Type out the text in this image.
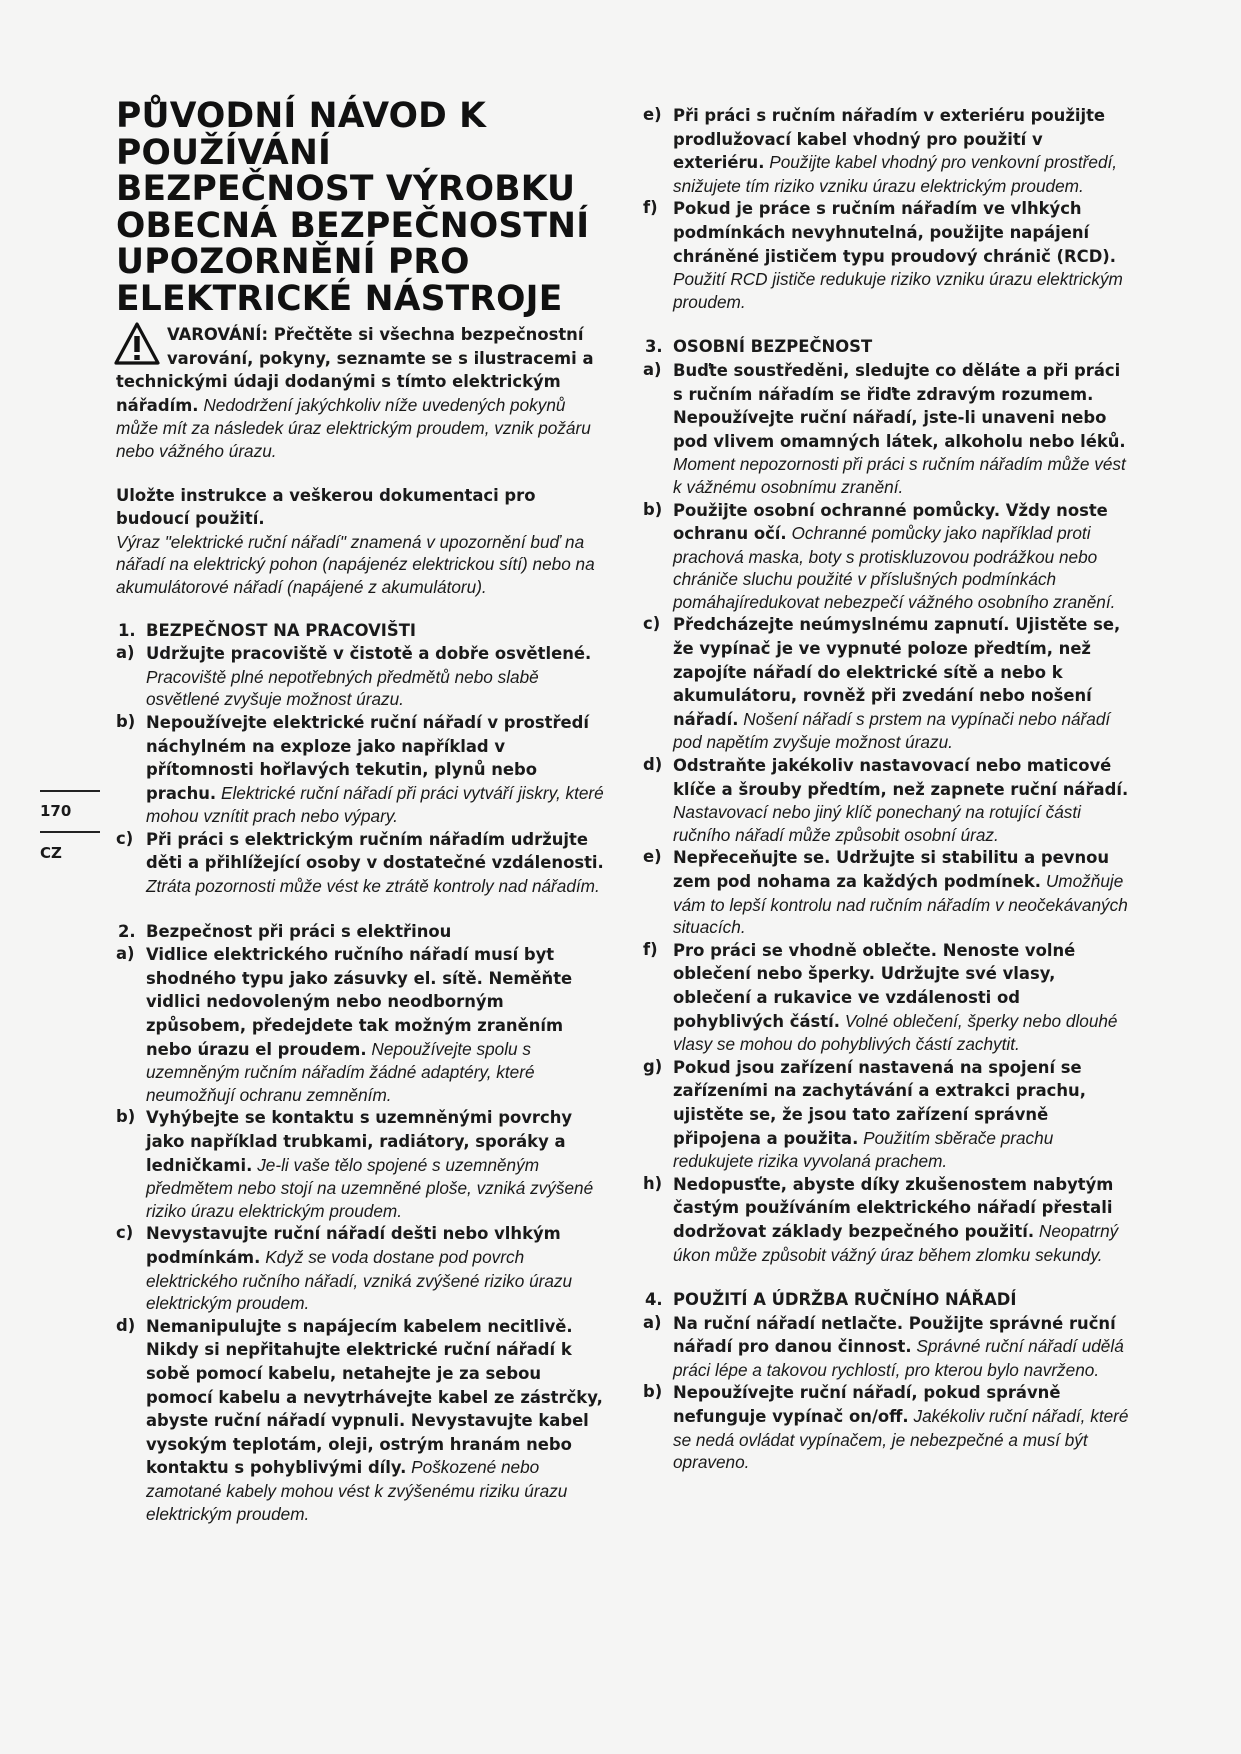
170
CZ
PŮVODNÍ NÁVOD K
POUŽÍVÁNÍ
BEZPEČNOST VÝROBKU
OBECNÁ BEZPEČNOSTNÍ
UPOZORNĚNÍ PRO
ELEKTRICKÉ NÁSTROJE

VAROVÁNÍ: Přečtěte si všechna bezpečnostní varování, pokyny, seznamte se s ilustracemi a technickými údaji dodanými s tímto elektrickým nářadím. Nedodržení jakýchkoliv níže uvedených pokynů může mít za následek úraz elektrickým proudem, vznik požáru nebo vážného úrazu.

Uložte instrukce a veškerou dokumentaci pro budoucí použití.
Výraz "elektrické ruční nářadí" znamená v upozornění buď na nářadí na elektrický pohon (napájenéz elektrickou sítí) nebo na akumulátorové nářadí (napájené z akumulátoru).

1. BEZPEČNOST NA PRACOVIŠTI

a) Udržujte pracoviště v čistotě a dobře osvětlené. Pracoviště plné nepotřebných předmětů nebo slabě osvětlené zvyšuje možnost úrazu.
b) Nepoužívejte elektrické ruční nářadí v prostředí náchylném na exploze jako například v přítomnosti hořlavých tekutin, plynů nebo prachu. Elektrické ruční nářadí při práci vytváří jiskry, které mohou vznítit prach nebo výpary.
c) Při práci s elektrickým ručním nářadím udržujte děti a přihlížející osoby v dostatečné vzdálenosti. Ztráta pozornosti může vést ke ztrátě kontroly nad nářadím.

2. Bezpečnost při práci s elektřinou

a) Vidlice elektrického ručního nářadí musí byt shodného typu jako zásuvky el. sítě. Neměňte vidlici nedovoleným nebo neodborným způsobem, předejdete tak možným zraněním nebo úrazu el proudem. Nepoužívejte spolu s uzemněným ručním nářadím žádné adaptéry, které neumožňují ochranu zemněním.
b) Vyhýbejte se kontaktu s uzemněnými povrchy jako například trubkami, radiátory, sporáky a ledničkami. Je-li vaše tělo spojené s uzemněným předmětem nebo stojí na uzemněné ploše, vzniká zvýšené riziko úrazu elektrickým proudem.
c) Nevystavujte ruční nářadí dešti nebo vlhkým podmínkám. Když se voda dostane pod povrch elektrického ručního nářadí, vzniká zvýšené riziko úrazu elektrickým proudem.
d) Nemanipulujte s napájecím kabelem necitlivě. Nikdy si nepřitahujte elektrické ruční nářadí k sobě pomocí kabelu, netahejte je za sebou pomocí kabelu a nevytrhávejte kabel ze zástrčky, abyste ruční nářadí vypnuli. Nevystavujte kabel vysokým teplotám, oleji, ostrým hranám nebo kontaktu s pohyblivými díly. Poškozené nebo zamotané kabely mohou vést k zvýšenému riziku úrazu elektrickým proudem.
e) Při práci s ručním nářadím v exteriéru použijte prodlužovací kabel vhodný pro použití v exteriéru. Použijte kabel vhodný pro venkovní prostředí, snižujete tím riziko vzniku úrazu elektrickým proudem.
f) Pokud je práce s ručním nářadím ve vlhkých podmínkách nevyhnutelná, použijte napájení chráněné jističem typu proudový chránič (RCD). Použití RCD jističe redukuje riziko vzniku úrazu elektrickým proudem.

3. OSOBNÍ BEZPEČNOST

a) Buďte soustředěni, sledujte co děláte a při práci s ručním nářadím se řiďte zdravým rozumem. Nepoužívejte ruční nářadí, jste-li unaveni nebo pod vlivem omamných látek, alkoholu nebo léků. Moment nepozornosti při práci s ručním nářadím může vést k vážnému osobnímu zranění.
b) Použijte osobní ochranné pomůcky. Vždy noste ochranu očí. Ochranné pomůcky jako například proti prachová maska, boty s protiskluzovou podrážkou nebo chrániče sluchu použité v příslušných podmínkách pomáhajíredukovat nebezpečí vážného osobního zranění.
c) Předcházejte neúmyslnému zapnutí. Ujistěte se, že vypínač je ve vypnuté poloze předtím, než zapojíte nářadí do elektrické sítě a nebo k akumulátoru, rovněž při zvedání nebo nošení nářadí. Nošení nářadí s prstem na vypínači nebo nářadí pod napětím zvyšuje možnost úrazu.
d) Odstraňte jakékoliv nastavovací nebo maticové klíče a šrouby předtím, než zapnete ruční nářadí. Nastavovací nebo jiný klíč ponechaný na rotující části ručního nářadí může způsobit osobní úraz.
e) Nepřeceňujte se. Udržujte si stabilitu a pevnou zem pod nohama za každých podmínek. Umožňuje vám to lepší kontrolu nad ručním nářadím v neočekávaných situacích.
f) Pro práci se vhodně oblečte. Nenoste volné oblečení nebo šperky. Udržujte své vlasy, oblečení a rukavice ve vzdálenosti od pohyblivých částí. Volné oblečení, šperky nebo dlouhé vlasy se mohou do pohyblivých částí zachytit.
g) Pokud jsou zařízení nastavená na spojení se zařízeními na zachytávání a extrakci prachu, ujistěte se, že jsou tato zařízení správně připojena a použita. Použitím sběrače prachu redukujete rizika vyvolaná prachem.
h) Nedopusťte, abyste díky zkušenostem nabytým častým používáním elektrického nářadí přestali dodržovat základy bezpečného použití. Neopatrný úkon může způsobit vážný úraz během zlomku sekundy.

4. POUŽITÍ A ÚDRŽBA RUČNÍHO NÁŘADÍ

a) Na ruční nářadí netlačte. Použijte správné ruční nářadí pro danou činnost. Správné ruční nářadí udělá práci lépe a takovou rychlostí, pro kterou bylo navrženo.
b) Nepoužívejte ruční nářadí, pokud správně nefunguje vypínač on/off. Jakékoliv ruční nářadí, které se nedá ovládat vypínačem, je nebezpečné a musí být opraveno.
